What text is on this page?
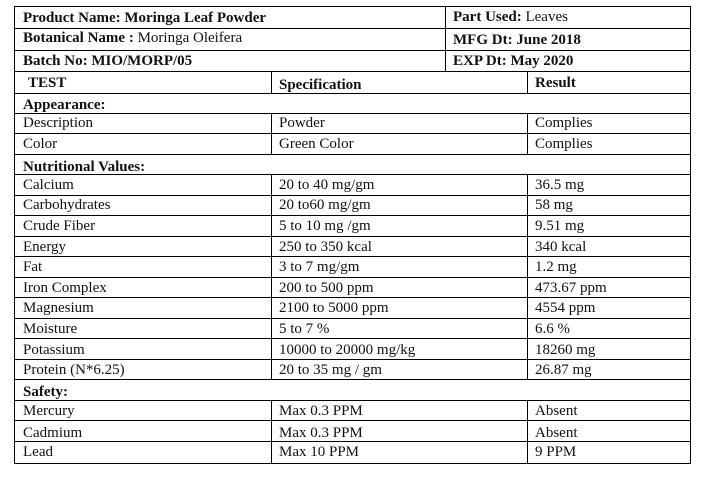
Product Name: Moringa Leaf Powder	Part Used: Leaves
Botanical Name : Moringa Oleifera	MFG Dt: June 2018
Batch No: MIO/MORP/05	EXP Dt: May 2020
TEST	Specification	Result
Appearance:
Description	Powder	Complies
Color	Green Color	Complies
Nutritional Values:
Calcium	20 to 40 mg/gm	36.5 mg
Carbohydrates	20 to60 mg/gm	58 mg
Crude Fiber	5 to 10 mg /gm	9.51 mg
Energy	250 to 350 kcal	340 kcal
Fat	3 to 7 mg/gm	1.2 mg
Iron Complex	200 to 500 ppm	473.67 ppm
Magnesium	2100 to 5000 ppm	4554 ppm
Moisture	5 to 7 %	6.6 %
Potassium	10000 to 20000 mg/kg	18260 mg
Protein (N*6.25)	20 to 35 mg / gm	26.87 mg
Safety:
Mercury	Max 0.3 PPM	Absent
Cadmium	Max 0.3 PPM	Absent
Lead	Max 10 PPM	9 PPM
